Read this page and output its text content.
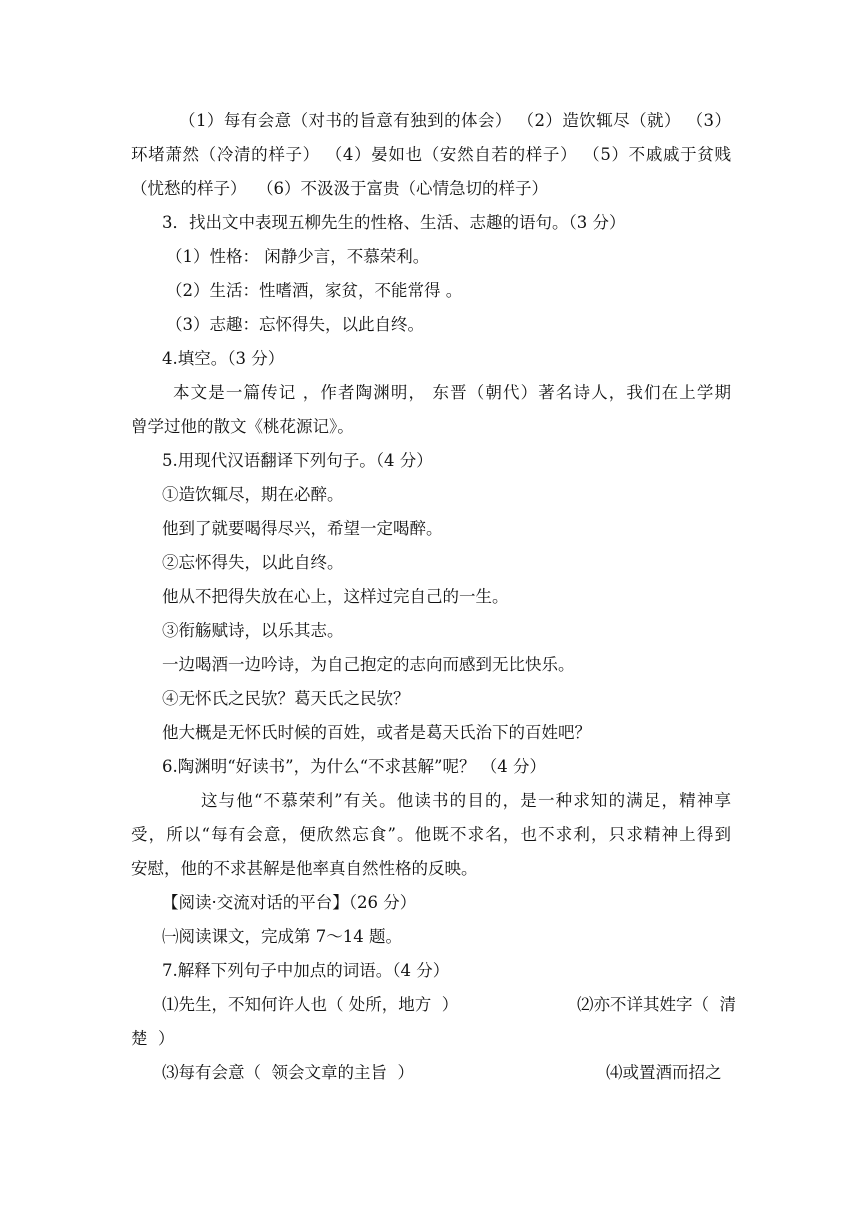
（1）每有会意（对书的旨意有独到的体会） （2）造饮辄尽（就） （3）
环堵萧然（冷清的样子） （4）晏如也（安然自若的样子） （5）不戚戚于贫贱
（忧愁的样子）  （6）不汲汲于富贵（心情急切的样子）
3．找出文中表现五柳先生的性格、生活、志趣的语句。（3 分）
（1）性格： 闲静少言，不慕荣利。
（2）生活：性嗜酒，家贫，不能常得 。
（3）志趣：忘怀得失，以此自终。
4.填空。（3 分）
本文是一篇传记 ，作者陶渊明， 东晋（朝代）著名诗人，我们在上学期
曾学过他的散文《桃花源记》。
5.用现代汉语翻译下列句子。（4 分）
①造饮辄尽，期在必醉。
他到了就要喝得尽兴，希望一定喝醉。
②忘怀得失，以此自终。
他从不把得失放在心上，这样过完自己的一生。
③衔觞赋诗，以乐其志。
一边喝酒一边吟诗，为自己抱定的志向而感到无比快乐。
④无怀氏之民欤？葛天氏之民欤？
他大概是无怀氏时候的百姓，或者是葛天氏治下的百姓吧？
6.陶渊明“好读书”，为什么“不求甚解”呢？ （4 分）
这与他“不慕荣利”有关。他读书的目的，是一种求知的满足，精神享
受，所以“每有会意，便欣然忘食”。他既不求名，也不求利，只求精神上得到
安慰，他的不求甚解是他率真自然性格的反映。
【阅读·交流对话的平台】（26 分）
㈠阅读课文，完成第 7～14 题。
7.解释下列句子中加点的词语。（4 分）
⑴先生，不知何许人也（ 处所，地方  ）	⑵亦不详其姓字（  清
楚  ）
⑶每有会意（  领会文章的主旨  ）	⑷或置酒而招之
